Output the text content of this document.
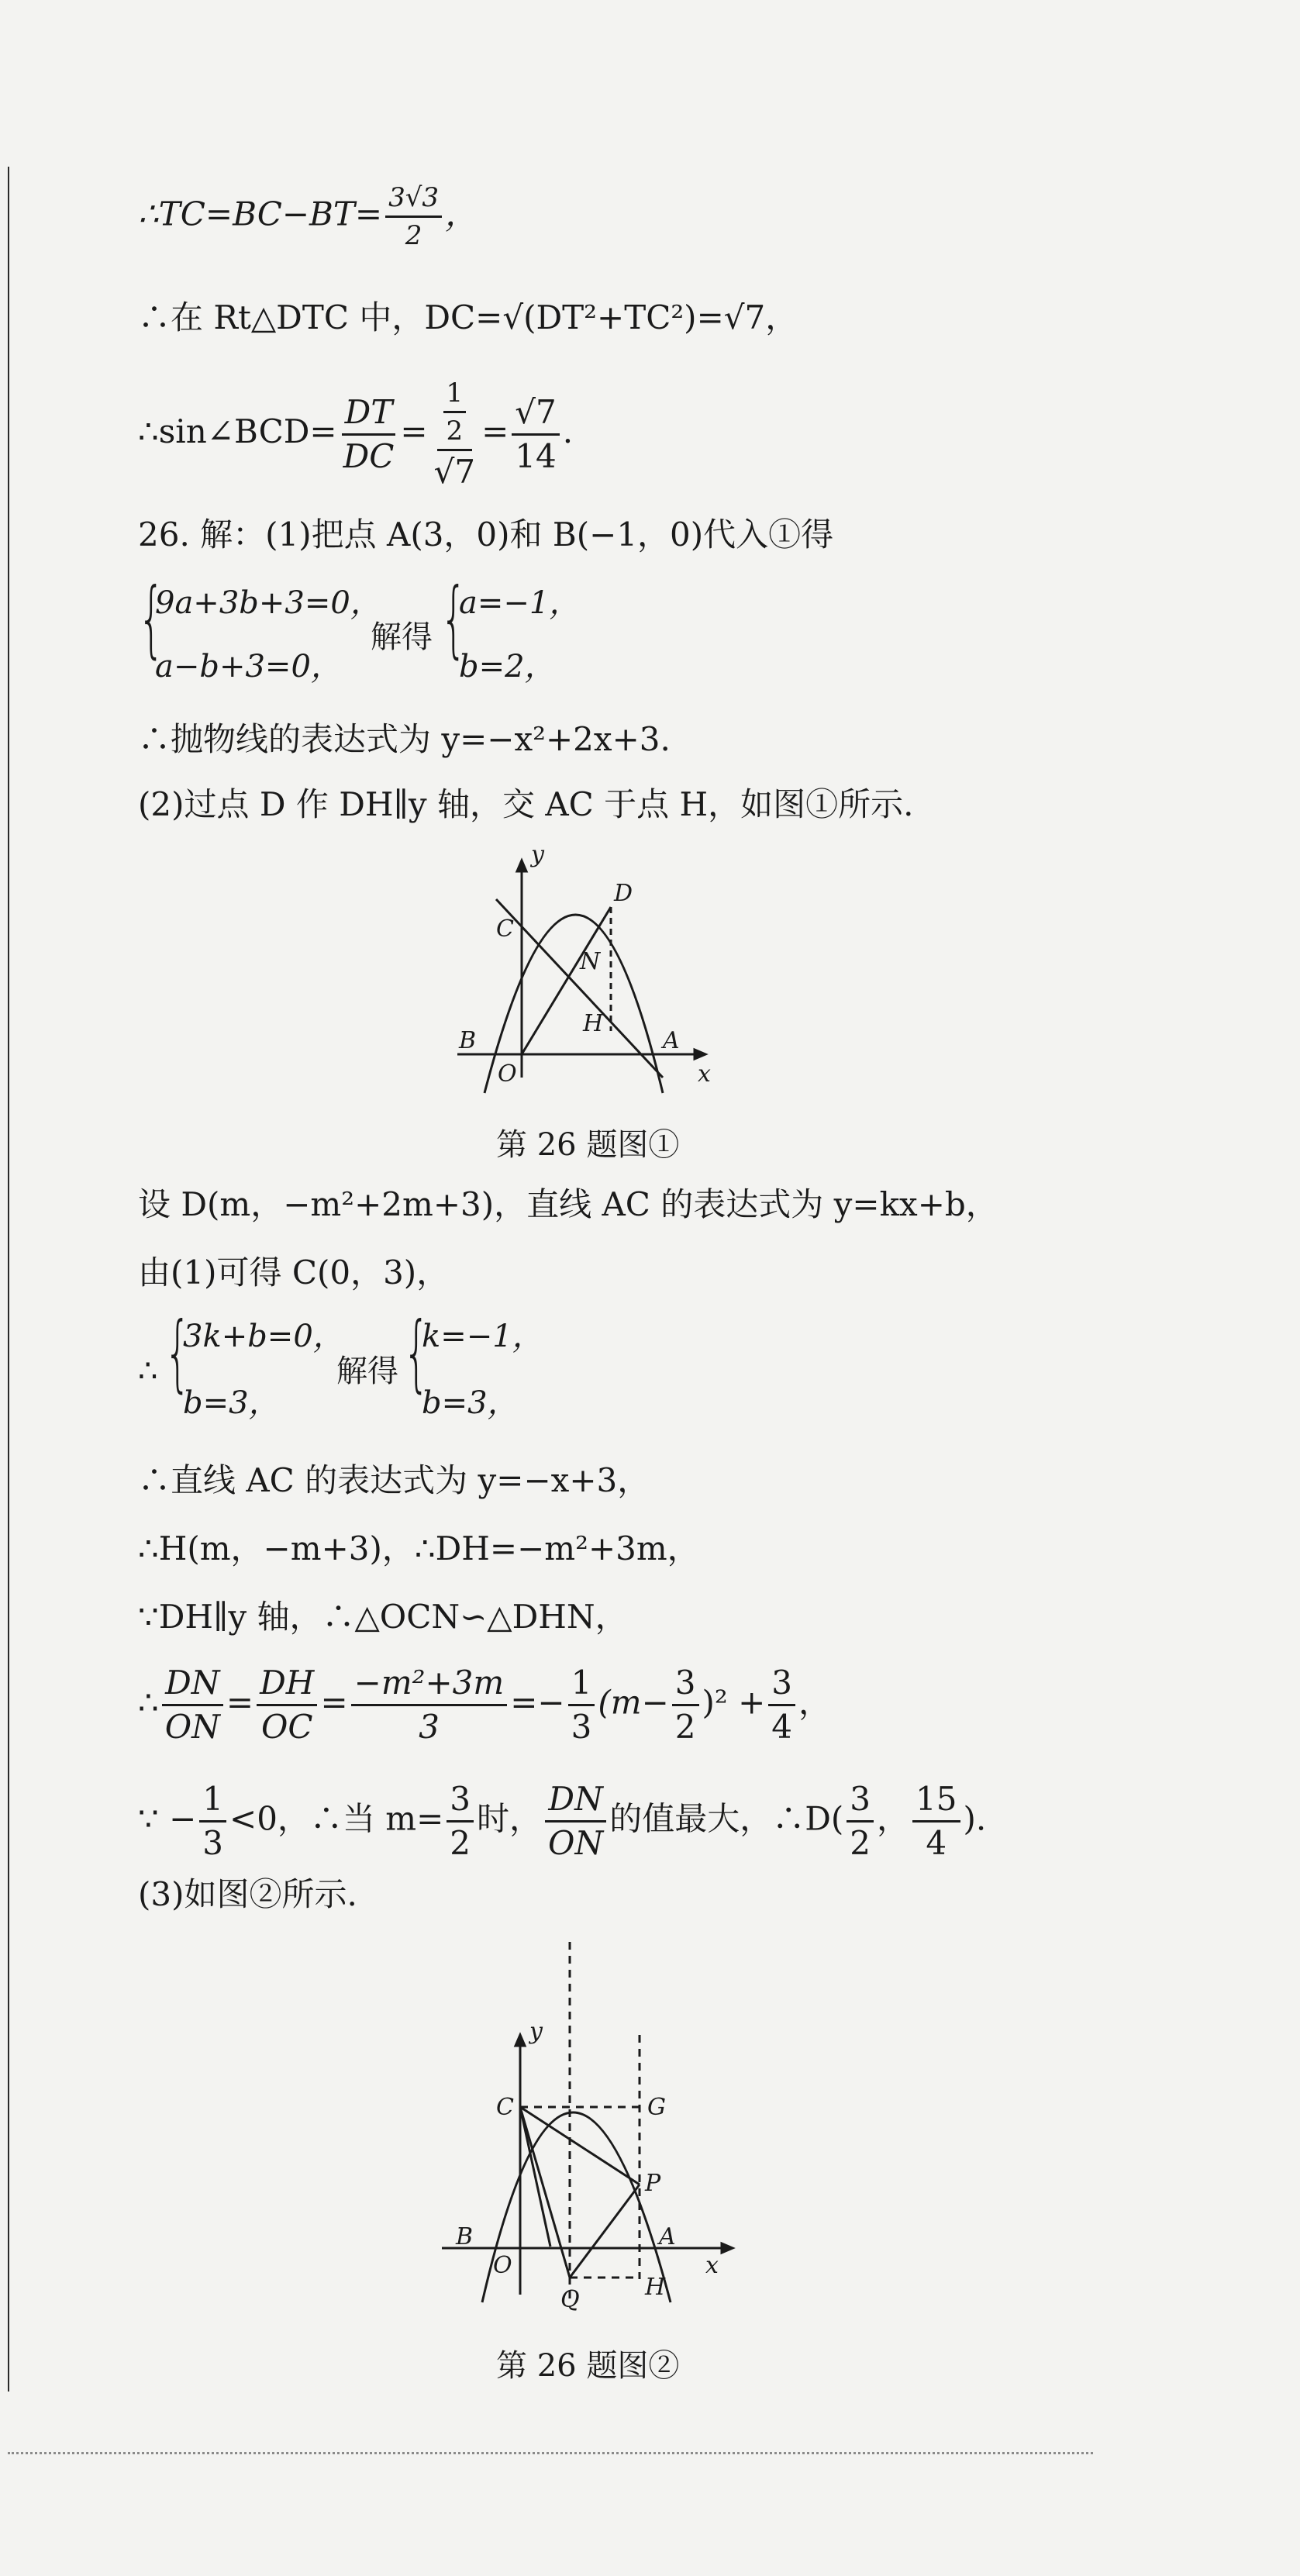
∴TC=BC−BT= $\frac{3√3}{2}$ ，
∴在 Rt△DTC 中，DC=√(DT²+TC²)=√7，
∴sin∠BCD= $\frac{DT}{DC} = \frac{\frac{1}{2}}{√7} = \frac{√7}{14}$ .
26. 解：(1)把点 A(3，0)和 B(−1，0)代入①得
{
9a+3b+3=0，
a−b+3=0，
解得 {
a=−1，
b=2，
∴抛物线的表达式为 y=−x²+2x+3.
(2)过点 D 作 DH∥y 轴，交 AC 于点 H，如图①所示.
y
x
O
A
B
C
D
N
H
第 26 题图①
设 D(m，−m²+2m+3)，直线 AC 的表达式为 y=kx+b，
由(1)可得 C(0，3)，
∴ {
3k+b=0，
b=3，
解得 {
k=−1，
b=3，
∴直线 AC 的表达式为 y=−x+3，
∴H(m，−m+3)，∴DH=−m²+3m，
∵DH∥y 轴，∴△OCN∽△DHN，
∴ $\frac{DN}{ON} = \frac{DH}{OC} = \frac{\text{−m²+3m}}{3} =- \frac{1}{3} (m- \frac{3}{2} )^2 + \frac{3}{4}$ ，
∵ − $\frac{1}{3} <0$，∴当 $m= \frac{3}{2}$ 时， $\frac{DN}{ON}$ 的值最大，∴D( $\frac{3}{2}$ ， $\frac{15}{4}$ ).
(3)如图②所示.
y
x
O
A
B
C	G
P
Q	H
第 26 题图②
